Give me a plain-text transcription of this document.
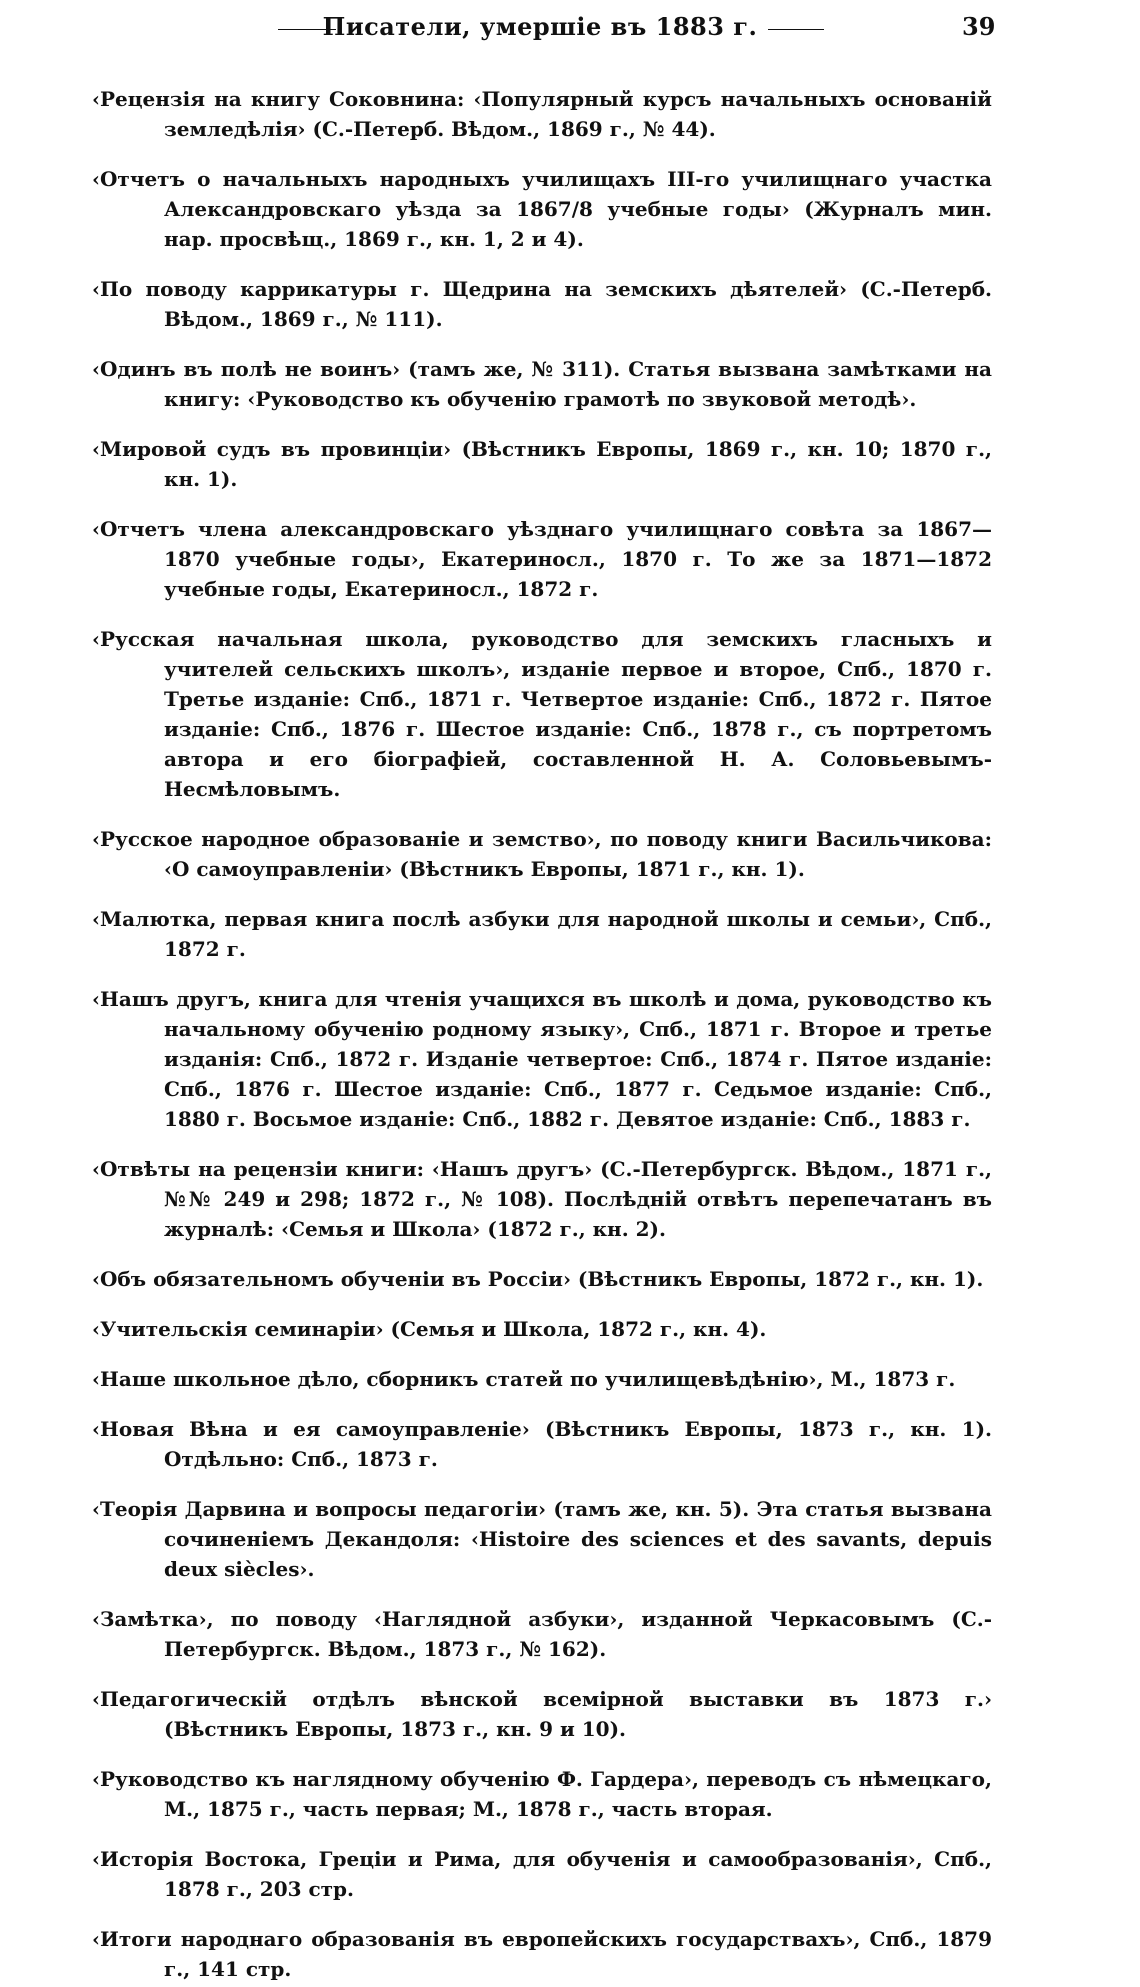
Писатели, умершіе въ 1883 г.	39

‹Рецензія на книгу Соковнина: ‹Популярный курсъ начальныхъ основаній земледѣлія› (С.-Петерб. Вѣдом., 1869 г., № 44).

‹Отчетъ о начальныхъ народныхъ училищахъ III-го училищнаго участка Александровскаго уѣзда за 1867/8 учебные годы› (Журналъ мин. нар. просвѣщ., 1869 г., кн. 1, 2 и 4).

‹По поводу каррикатуры г. Щедрина на земскихъ дѣятелей› (С.-Петерб. Вѣдом., 1869 г., № 111).

‹Одинъ въ полѣ не воинъ› (тамъ же, № 311). Статья вызвана замѣтками на книгу: ‹Руководство къ обученію грамотѣ по звуковой методѣ›.

‹Мировой судъ въ провинціи› (Вѣстникъ Европы, 1869 г., кн. 10; 1870 г., кн. 1).

‹Отчетъ члена александровскаго уѣзднаго училищнаго совѣта за 1867—1870 учебные годы›, Екатериносл., 1870 г. То же за 1871—1872 учебные годы, Екатериносл., 1872 г.

‹Русская начальная школа, руководство для земскихъ гласныхъ и учителей сельскихъ школъ›, изданіе первое и второе, Спб., 1870 г. Третье изданіе: Спб., 1871 г. Четвертое изданіе: Спб., 1872 г. Пятое изданіе: Спб., 1876 г. Шестое изданіе: Спб., 1878 г., съ портретомъ автора и его біографіей, составленной Н. А. Соловьевымъ-Несмѣловымъ.

‹Русское народное образованіе и земство›, по поводу книги Васильчикова: ‹О самоуправленіи› (Вѣстникъ Европы, 1871 г., кн. 1).

‹Малютка, первая книга послѣ азбуки для народной школы и семьи›, Спб., 1872 г.

‹Нашъ другъ, книга для чтенія учащихся въ школѣ и дома, руководство къ начальному обученію родному языку›, Спб., 1871 г. Второе и третье изданія: Спб., 1872 г. Изданіе четвертое: Спб., 1874 г. Пятое изданіе: Спб., 1876 г. Шестое изданіе: Спб., 1877 г. Седьмое изданіе: Спб., 1880 г. Восьмое изданіе: Спб., 1882 г. Девятое изданіе: Спб., 1883 г.

‹Отвѣты на рецензіи книги: ‹Нашъ другъ› (С.-Петербургск. Вѣдом., 1871 г., №№ 249 и 298; 1872 г., № 108). Послѣдній отвѣтъ перепечатанъ въ журналѣ: ‹Семья и Школа› (1872 г., кн. 2).

‹Объ обязательномъ обученіи въ Россіи› (Вѣстникъ Европы, 1872 г., кн. 1).

‹Учительскія семинаріи› (Семья и Школа, 1872 г., кн. 4).

‹Наше школьное дѣло, сборникъ статей по училищевѣдѣнію›, М., 1873 г.

‹Новая Вѣна и ея самоуправленіе› (Вѣстникъ Европы, 1873 г., кн. 1). Отдѣльно: Спб., 1873 г.

‹Теорія Дарвина и вопросы педагогіи› (тамъ же, кн. 5). Эта статья вызвана сочиненіемъ Декандоля: ‹Histoire des sciences et des savants, depuis deux siècles›.

‹Замѣтка›, по поводу ‹Наглядной азбуки›, изданной Черкасовымъ (С.-Петербургск. Вѣдом., 1873 г., № 162).

‹Педагогическій отдѣлъ вѣнской всемірной выставки въ 1873 г.› (Вѣстникъ Европы, 1873 г., кн. 9 и 10).

‹Руководство къ наглядному обученію Ф. Гардера›, переводъ съ нѣмецкаго, М., 1875 г., часть первая; М., 1878 г., часть вторая.

‹Исторія Востока, Греціи и Рима, для обученія и самообразованія›, Спб., 1878 г., 203 стр.

‹Итоги народнаго образованія въ европейскихъ государствахъ›, Спб., 1879 г., 141 стр.
